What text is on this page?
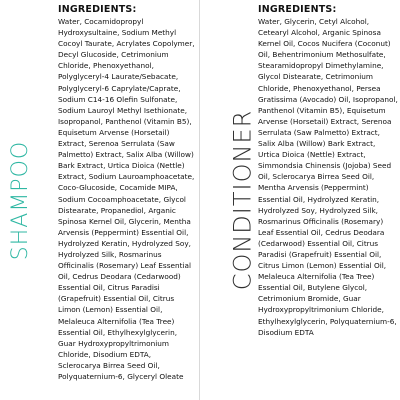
SHAMPOO
INGREDIENTS:
Water, Cocamidopropyl Hydroxysultaine, Sodium Methyl Cocoyl Taurate, Acrylates Copolymer, Decyl Glucoside, Cetrimonium Chloride, Phenoxyethanol, Polyglyceryl-4 Laurate/Sebacate, Polyglyceryl-6 Caprylate/Caprate, Sodium C14-16 Olefin Sulfonate, Sodium Lauroyl Methyl Isethionate, Isopropanol, Panthenol (Vitamin B5), Equisetum Arvense (Horsetail) Extract, Serenoa Serrulata (Saw Palmetto) Extract, Salix Alba (Willow) Bark Extract, Urtica Dioica (Nettle) Extract, Sodium Lauroamphoacetate, Coco-Glucoside, Cocamide MIPA, Sodium Cocoamphoacetate, Glycol Distearate, Propanediol, Arganic Spinosa Kernel Oil, Glycerin, Mentha Arvensis (Peppermint) Essential Oil, Hydrolyzed Keratin, Hydrolyzed Soy, Hydrolyzed Silk, Rosmarinus Officinalis (Rosemary) Leaf Essential Oil, Cedrus Deodara (Cedarwood) Essential Oil, Citrus Paradisi (Grapefruit) Essential Oil, Citrus Limon (Lemon) Essential Oil, Melaleuca Alternifolia (Tea Tree) Essential Oil, Ethylhexylglycerin, Guar Hydroxypropyltrimonium Chloride, Disodium EDTA, Sclerocarya Birrea Seed Oil, Polyquaternium-6, Glyceryl Oleate
CONDITIONER
INGREDIENTS:
Water, Glycerin, Cetyl Alcohol, Cetearyl Alcohol, Arganic Spinosa Kernel Oil, Cocos Nucifera (Coconut) Oil, Behentrimonium Methosulfate, Stearamidopropyl Dimethylamine, Glycol Distearate, Cetrimonium Chloride, Phenoxyethanol, Persea Gratissima (Avocado) Oil, Isopropanol, Panthenol (Vitamin B5), Equisetum Arvense (Horsetail) Extract, Serenoa Serrulata (Saw Palmetto) Extract, Salix Alba (Willow) Bark Extract, Urtica Dioica (Nettle) Extract, Simmondsia Chinensis (Jojoba) Seed Oil, Sclerocarya Birrea Seed Oil, Mentha Arvensis (Peppermint) Essential Oil, Hydrolyzed Keratin, Hydrolyzed Soy, Hydrolyzed Silk, Rosmarinus Officinalis (Rosemary) Leaf Essential Oil, Cedrus Deodara (Cedarwood) Essential Oil, Citrus Paradisi (Grapefruit) Essential Oil, Citrus Limon (Lemon) Essential Oil, Melaleuca Alternifolia (Tea Tree) Essential Oil, Butylene Glycol, Cetrimonium Bromide, Guar Hydroxypropyltrimonium Chloride, Ethylhexylglycerin, Polyquaternium-6, Disodium EDTA
